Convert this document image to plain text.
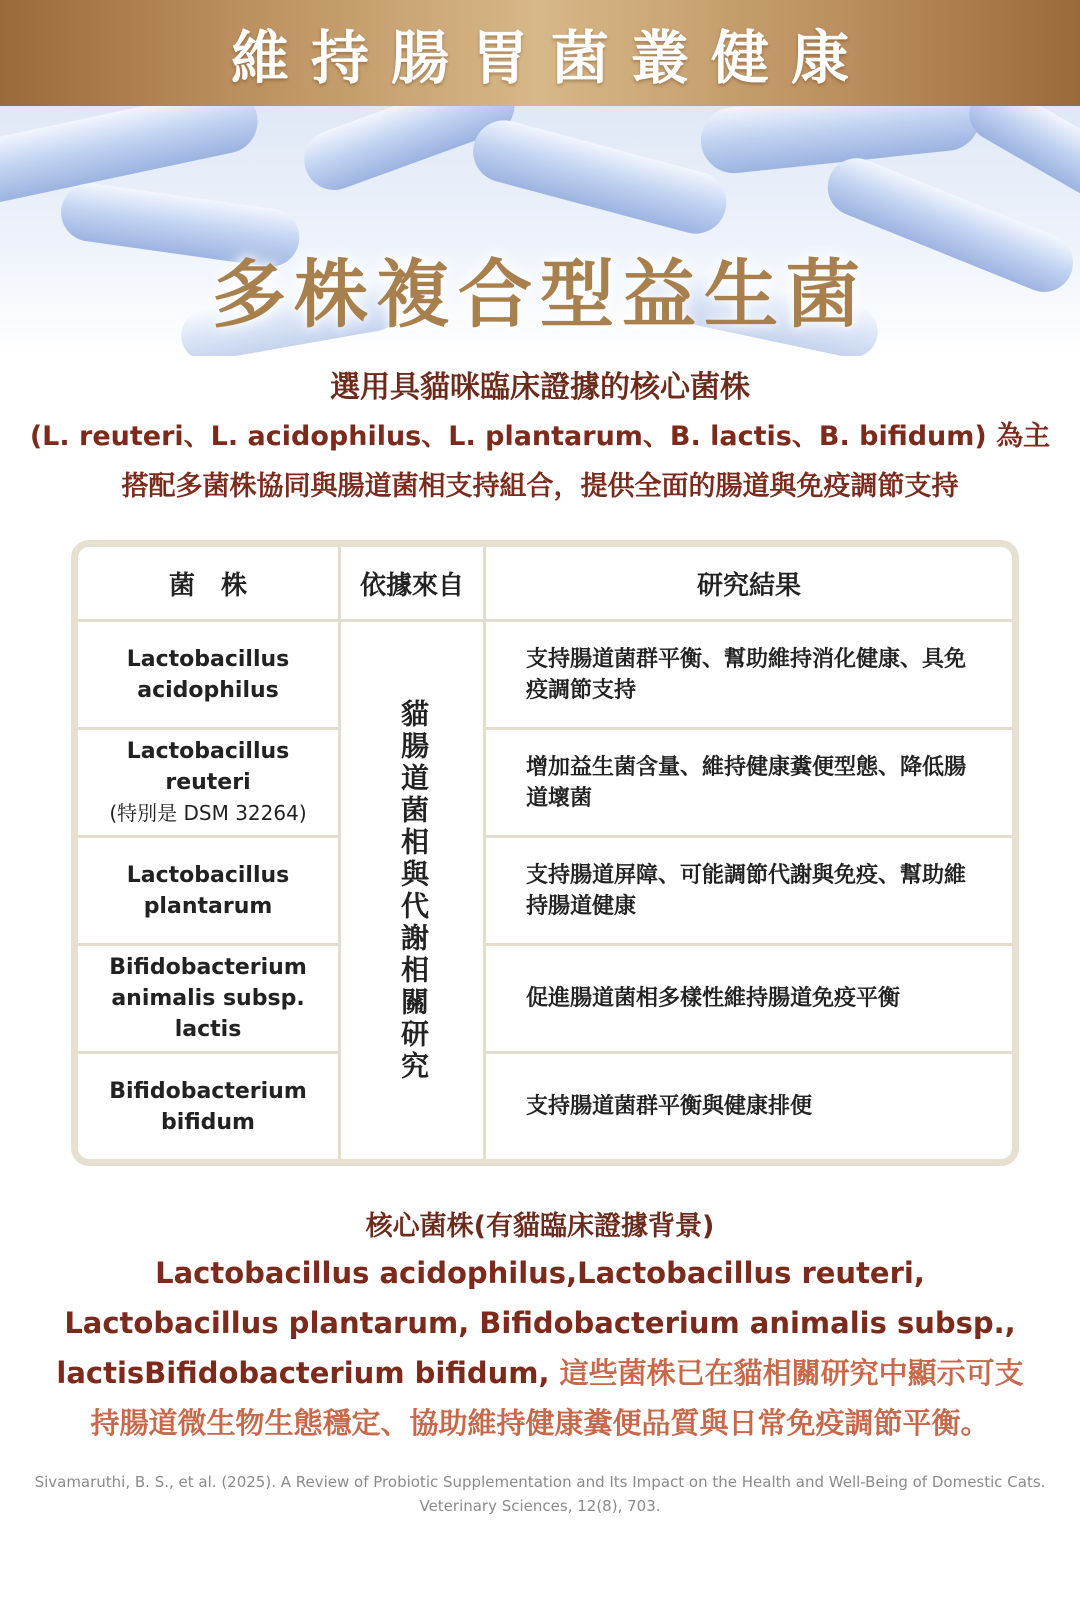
維持腸胃菌叢健康
多株複合型益生菌
選用具貓咪臨床證據的核心菌株
(L. reuteri、L. acidophilus、L. plantarum、B. lactis、B. bifidum) 為主
搭配多菌株協同與腸道菌相支持組合，提供全面的腸道與免疫調節支持
菌　株	依據來自	研究結果
貓腸道菌相與代謝相關研究
Lactobacillus acidophilus
支持腸道菌群平衡、幫助維持消化健康、具免疫調節支持
Lactobacillus reuteri
(特別是 DSM 32264)
增加益生菌含量、維持健康糞便型態、降低腸道壞菌
Lactobacillus plantarum
支持腸道屏障、可能調節代謝與免疫、幫助維持腸道健康
Bifidobacterium animalis subsp. lactis
促進腸道菌相多樣性維持腸道免疫平衡
Bifidobacterium bifidum
支持腸道菌群平衡與健康排便
核心菌株(有貓臨床證據背景)
Lactobacillus acidophilus,Lactobacillus reuteri, Lactobacillus plantarum, Bifidobacterium animalis subsp., lactisBifidobacterium bifidum, 這些菌株已在貓相關研究中顯示可支持腸道微生物生態穩定、協助維持健康糞便品質與日常免疫調節平衡。
Sivamaruthi, B. S., et al. (2025). A Review of Probiotic Supplementation and Its Impact on the Health and Well-Being of Domestic Cats.
Veterinary Sciences, 12(8), 703.
